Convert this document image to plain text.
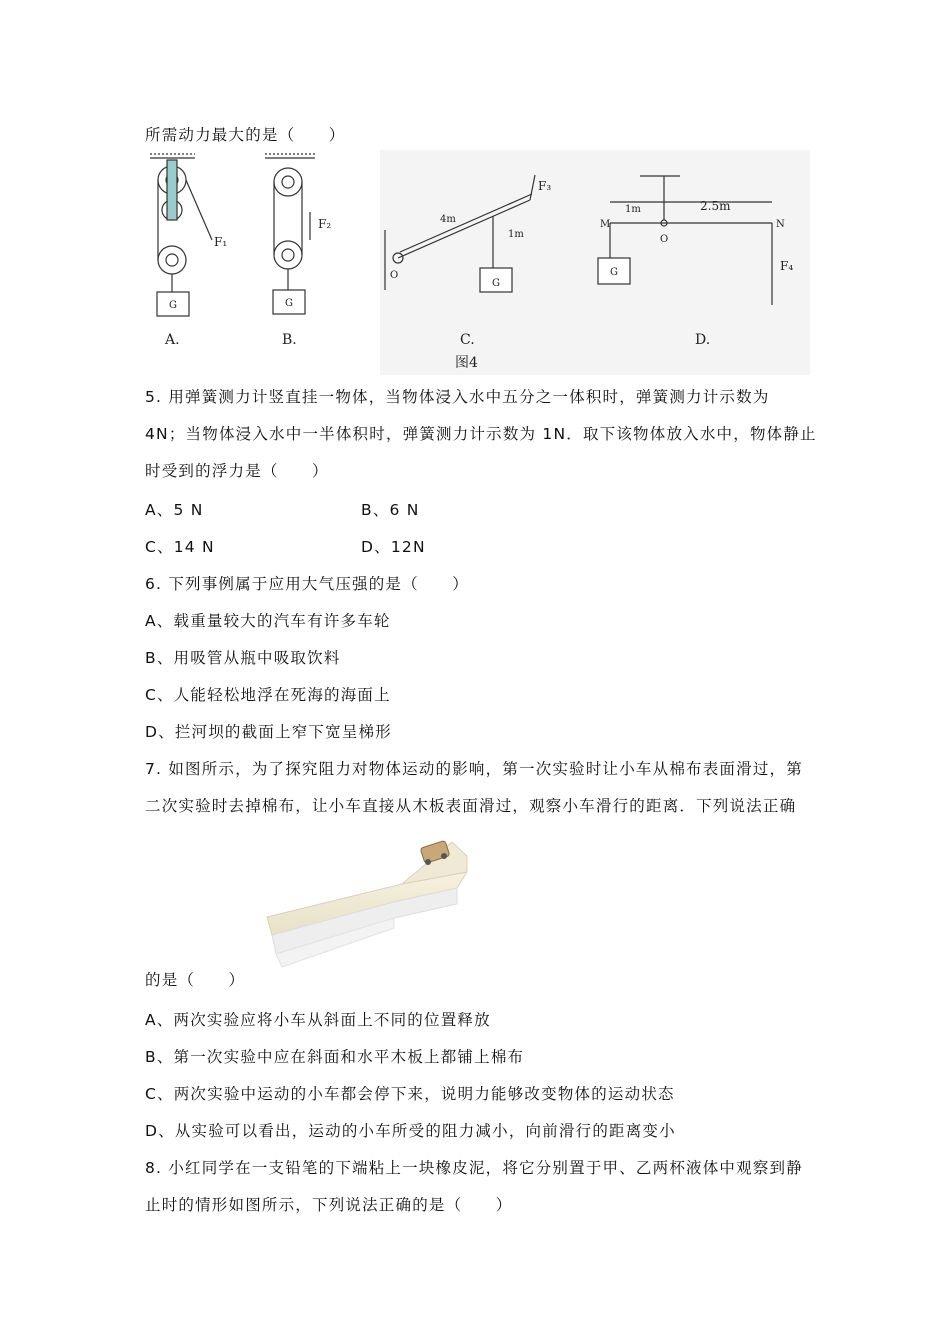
所需动力最大的是（　　）
G
F₁
G
F₂	4m
1m
O
G
F₃
1m	2.5m
M
O
N
G	F₄
A.	B.	C.	D.
图4
5. 用弹簧测力计竖直挂一物体，当物体浸入水中五分之一体积时，弹簧测力计示数为
4N；当物体浸入水中一半体积时，弹簧测力计示数为 1N．取下该物体放入水中，物体静止
时受到的浮力是（　　）
A、5 N	B、6 N
C、14 N	D、12N
6. 下列事例属于应用大气压强的是（　　）
A、载重量较大的汽车有许多车轮
B、用吸管从瓶中吸取饮料
C、人能轻松地浮在死海的海面上
D、拦河坝的截面上窄下宽呈梯形
7. 如图所示，为了探究阻力对物体运动的影响，第一次实验时让小车从棉布表面滑过，第
二次实验时去掉棉布，让小车直接从木板表面滑过，观察小车滑行的距离．下列说法正确
的是（　　）
A、两次实验应将小车从斜面上不同的位置释放
B、第一次实验中应在斜面和水平木板上都铺上棉布
C、两次实验中运动的小车都会停下来，说明力能够改变物体的运动状态
D、从实验可以看出，运动的小车所受的阻力减小，向前滑行的距离变小
8. 小红同学在一支铅笔的下端粘上一块橡皮泥，将它分别置于甲、乙两杯液体中观察到静
止时的情形如图所示，下列说法正确的是（　　）
